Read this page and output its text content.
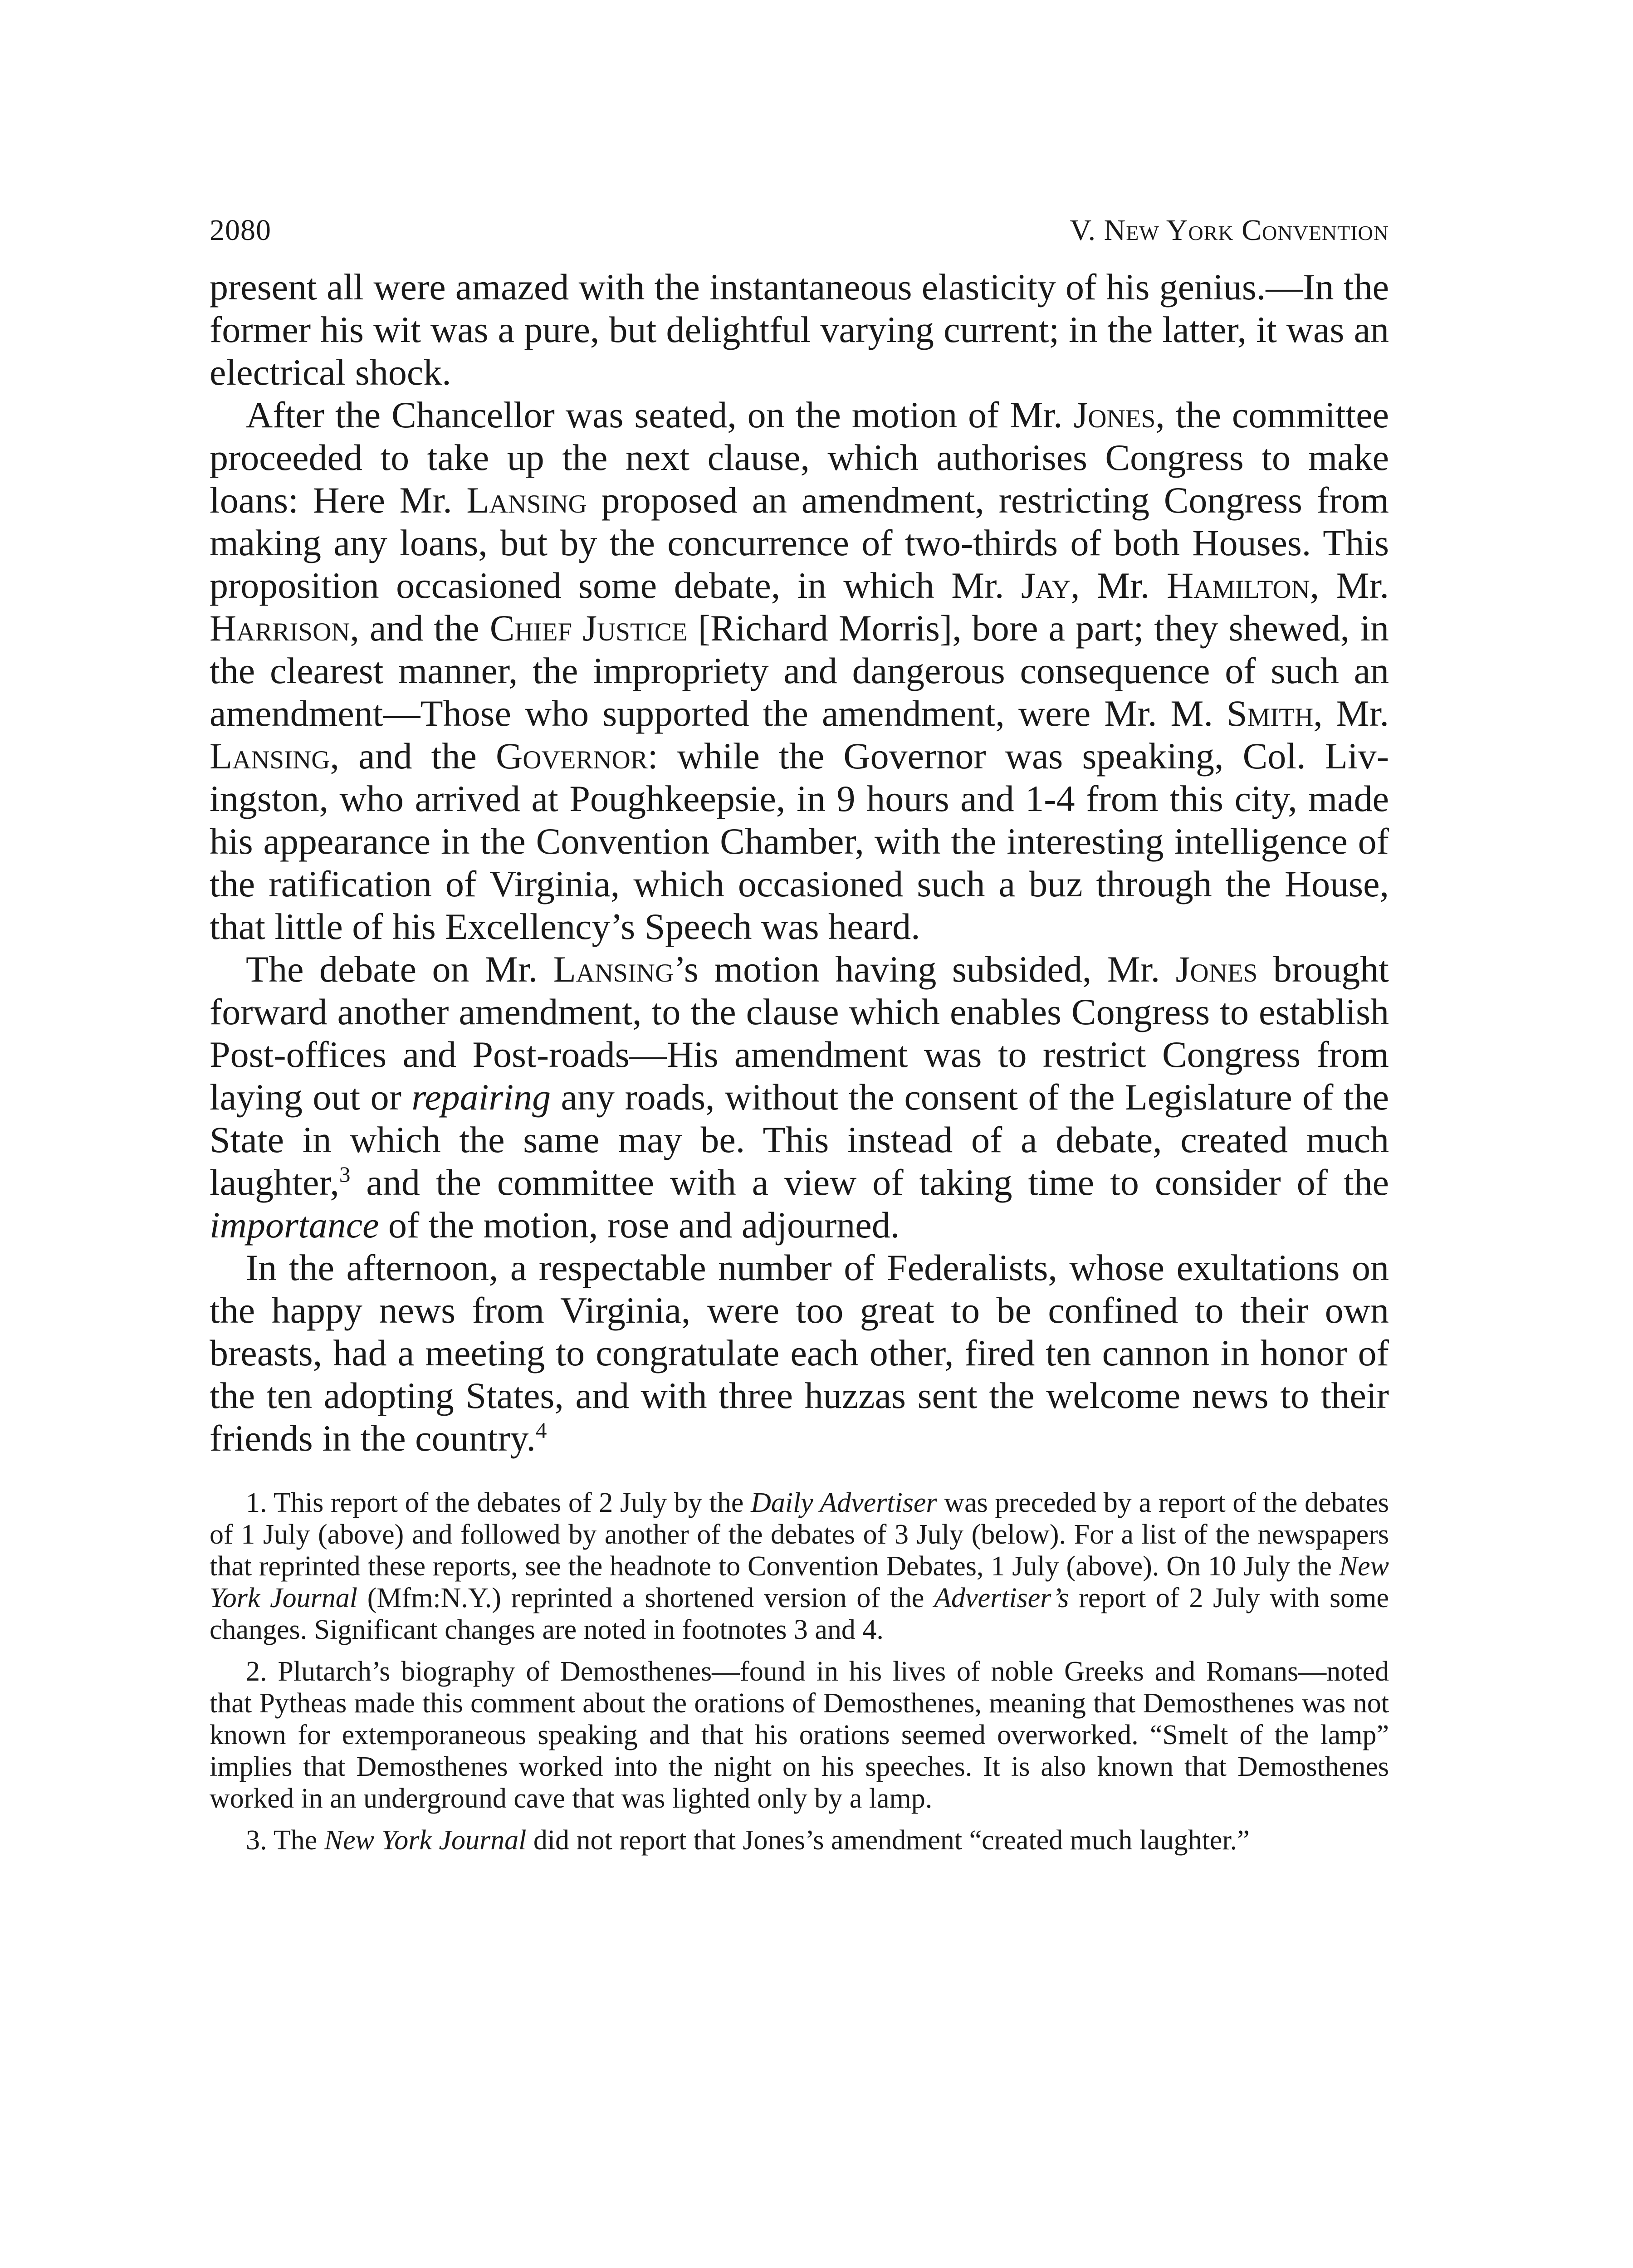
2080	V. New York Convention

present all were amazed with the instantaneous elasticity of his genius.—In the former his wit was a pure, but delightful varying current; in the latter, it was an electrical shock.

After the Chancellor was seated, on the motion of Mr. Jones, the committee proceeded to take up the next clause, which authorises Congress to make loans: Here Mr. Lansing proposed an amendment, restricting Congress from making any loans, but by the concurrence of two-thirds of both Houses. This proposition occasioned some debate, in which Mr. Jay, Mr. Hamilton, Mr. Harrison, and the Chief Justice [Richard Morris], bore a part; they shewed, in the clearest manner, the impropriety and dangerous consequence of such an amendment—Those who supported the amendment, were Mr. M. Smith, Mr. Lansing, and the Governor: while the Governor was speaking, Col. Livingston, who arrived at Poughkeepsie, in 9 hours and 1-4 from this city, made his appearance in the Convention Chamber, with the interesting intelligence of the ratification of Virginia, which occasioned such a buz through the House, that little of his Excellency’s Speech was heard.

The debate on Mr. Lansing’s motion having subsided, Mr. Jones brought forward another amendment, to the clause which enables Congress to establish Post-offices and Post-roads—His amendment was to restrict Congress from laying out or repairing any roads, without the consent of the Legislature of the State in which the same may be. This instead of a debate, created much laughter,$^3$ and the committee with a view of taking time to consider of the importance of the motion, rose and adjourned.

In the afternoon, a respectable number of Federalists, whose exultations on the happy news from Virginia, were too great to be confined to their own breasts, had a meeting to congratulate each other, fired ten cannon in honor of the ten adopting States, and with three huzzas sent the welcome news to their friends in the country.$^4$

1. This report of the debates of 2 July by the Daily Advertiser was preceded by a report of the debates of 1 July (above) and followed by another of the debates of 3 July (below). For a list of the newspapers that reprinted these reports, see the headnote to Convention Debates, 1 July (above). On 10 July the New York Journal (Mfm:N.Y.) reprinted a shortened version of the Advertiser’s report of 2 July with some changes. Significant changes are noted in footnotes 3 and 4.

2. Plutarch’s biography of Demosthenes—found in his lives of noble Greeks and Romans—noted that Pytheas made this comment about the orations of Demosthenes, meaning that Demosthenes was not known for extemporaneous speaking and that his orations seemed overworked. “Smelt of the lamp” implies that Demosthenes worked into the night on his speeches. It is also known that Demosthenes worked in an underground cave that was lighted only by a lamp.

3. The New York Journal did not report that Jones’s amendment “created much laughter.”
